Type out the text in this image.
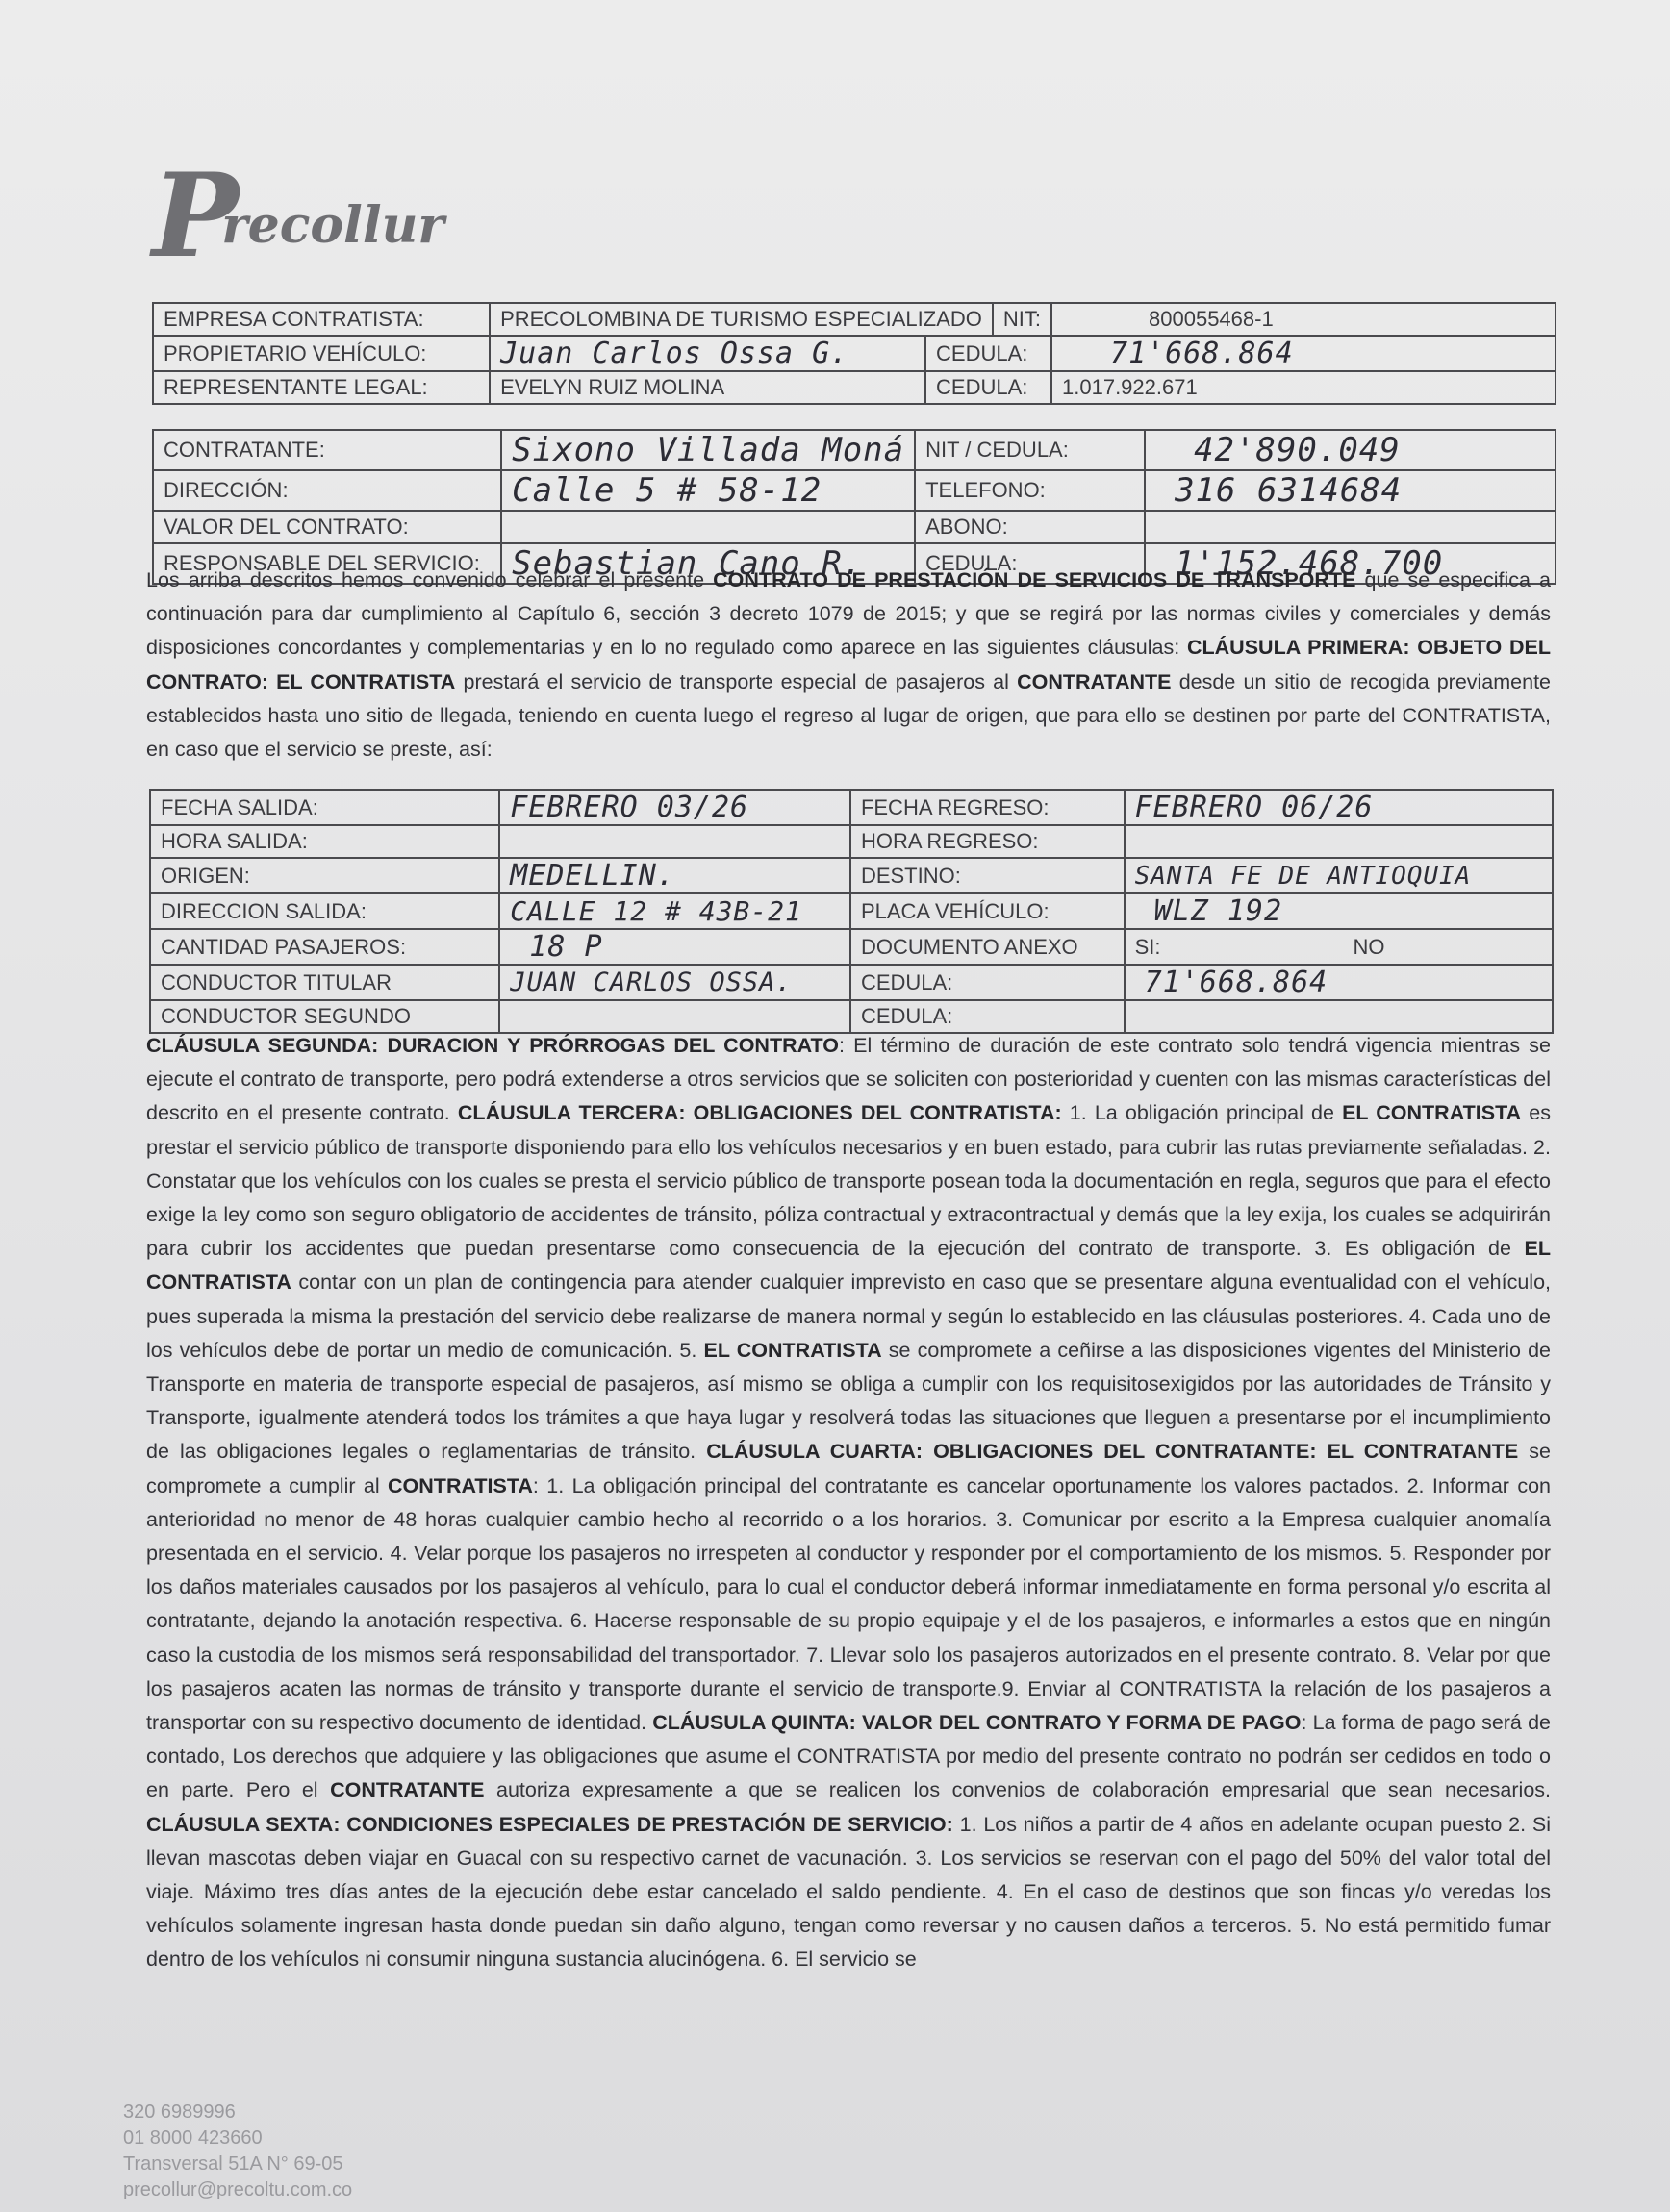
Precollur
EMPRESA CONTRATISTA:	PRECOLOMBINA DE TURISMO ESPECIALIZADO		NIT:	800055468-1
PROPIETARIO VEHÍCULO:	Juan Carlos Ossa G.	CEDULA:		71'668.864
REPRESENTANTE LEGAL:	EVELYN RUIZ MOLINA	CEDULA:		1.017.922.671
CONTRATANTE:	Sixono Villada Moná	NIT / CEDULA:	42'890.049
DIRECCIÓN:	Calle 5 # 58-12	TELEFONO:	316 6314684
VALOR DEL CONTRATO:		ABONO:	
RESPONSABLE DEL SERVICIO:	Sebastian Cano R.	CEDULA:	1'152.468.700
Los arriba descritos hemos convenido celebrar el presente CONTRATO DE PRESTACIÓN DE SERVICIOS DE TRANSPORTE que se especifica a continuación para dar cumplimiento al Capítulo 6, sección 3 decreto 1079 de 2015; y que se regirá por las normas civiles y comerciales y demás disposiciones concordantes y complementarias y en lo no regulado como aparece en las siguientes cláusulas: CLÁUSULA PRIMERA: OBJETO DEL CONTRATO: EL CONTRATISTA prestará el servicio de transporte especial de pasajeros al CONTRATANTE desde un sitio de recogida previamente establecidos hasta uno sitio de llegada, teniendo en cuenta luego el regreso al lugar de origen, que para ello se destinen por parte del CONTRATISTA, en caso que el servicio se preste, así:
FECHA SALIDA:	FEBRERO 03/26	FECHA REGRESO:	FEBRERO 06/26
HORA SALIDA:		HORA REGRESO:	
ORIGEN:	MEDELLIN.	DESTINO:	SANTA FE DE ANTIOQUIA
DIRECCION SALIDA:	CALLE 12 # 43B-21	PLACA VEHÍCULO:	WLZ 192
CANTIDAD PASAJEROS:	18 P	DOCUMENTO ANEXO	SI: NO
CONDUCTOR TITULAR	JUAN CARLOS OSSA.	CEDULA:	71'668.864
CONDUCTOR SEGUNDO		CEDULA:	
CLÁUSULA SEGUNDA: DURACION Y PRÓRROGAS DEL CONTRATO: El término de duración de este contrato solo tendrá vigencia mientras se ejecute el contrato de transporte, pero podrá extenderse a otros servicios que se soliciten con posterioridad y cuenten con las mismas características del descrito en el presente contrato. CLÁUSULA TERCERA: OBLIGACIONES DEL CONTRATISTA: 1. La obligación principal de EL CONTRATISTA es prestar el servicio público de transporte disponiendo para ello los vehículos necesarios y en buen estado, para cubrir las rutas previamente señaladas. 2. Constatar que los vehículos con los cuales se presta el servicio público de transporte posean toda la documentación en regla, seguros que para el efecto exige la ley como son seguro obligatorio de accidentes de tránsito, póliza contractual y extracontractual y demás que la ley exija, los cuales se adquirirán para cubrir los accidentes que puedan presentarse como consecuencia de la ejecución del contrato de transporte. 3. Es obligación de EL CONTRATISTA contar con un plan de contingencia para atender cualquier imprevisto en caso que se presentare alguna eventualidad con el vehículo, pues superada la misma la prestación del servicio debe realizarse de manera normal y según lo establecido en las cláusulas posteriores. 4. Cada uno de los vehículos debe de portar un medio de comunicación. 5. EL CONTRATISTA se compromete a ceñirse a las disposiciones vigentes del Ministerio de Transporte en materia de transporte especial de pasajeros, así mismo se obliga a cumplir con los requisitosexigidos por las autoridades de Tránsito y Transporte, igualmente atenderá todos los trámites a que haya lugar y resolverá todas las situaciones que lleguen a presentarse por el incumplimiento de las obligaciones legales o reglamentarias de tránsito. CLÁUSULA CUARTA: OBLIGACIONES DEL CONTRATANTE: EL CONTRATANTE se compromete a cumplir al CONTRATISTA: 1. La obligación principal del contratante es cancelar oportunamente los valores pactados. 2. Informar con anterioridad no menor de 48 horas cualquier cambio hecho al recorrido o a los horarios. 3. Comunicar por escrito a la Empresa cualquier anomalía presentada en el servicio. 4. Velar porque los pasajeros no irrespeten al conductor y responder por el comportamiento de los mismos. 5. Responder por los daños materiales causados por los pasajeros al vehículo, para lo cual el conductor deberá informar inmediatamente en forma personal y/o escrita al contratante, dejando la anotación respectiva. 6. Hacerse responsable de su propio equipaje y el de los pasajeros, e informarles a estos que en ningún caso la custodia de los mismos será responsabilidad del transportador. 7. Llevar solo los pasajeros autorizados en el presente contrato. 8. Velar por que los pasajeros acaten las normas de tránsito y transporte durante el servicio de transporte.9. Enviar al CONTRATISTA la relación de los pasajeros a transportar con su respectivo documento de identidad. CLÁUSULA QUINTA: VALOR DEL CONTRATO Y FORMA DE PAGO: La forma de pago será de contado, Los derechos que adquiere y las obligaciones que asume el CONTRATISTA por medio del presente contrato no podrán ser cedidos en todo o en parte. Pero el CONTRATANTE autoriza expresamente a que se realicen los convenios de colaboración empresarial que sean necesarios. CLÁUSULA SEXTA: CONDICIONES ESPECIALES DE PRESTACIÓN DE SERVICIO: 1. Los niños a partir de 4 años en adelante ocupan puesto 2. Si llevan mascotas deben viajar en Guacal con su respectivo carnet de vacunación. 3. Los servicios se reservan con el pago del 50% del valor total del viaje. Máximo tres días antes de la ejecución debe estar cancelado el saldo pendiente. 4. En el caso de destinos que son fincas y/o veredas los vehículos solamente ingresan hasta donde puedan sin daño alguno, tengan como reversar y no causen daños a terceros. 5. No está permitido fumar dentro de los vehículos ni consumir ninguna sustancia alucinógena. 6. El servicio se
320 6989996
01 8000 423660
Transversal 51A N° 69-05
precollur@precoltu.com.co
